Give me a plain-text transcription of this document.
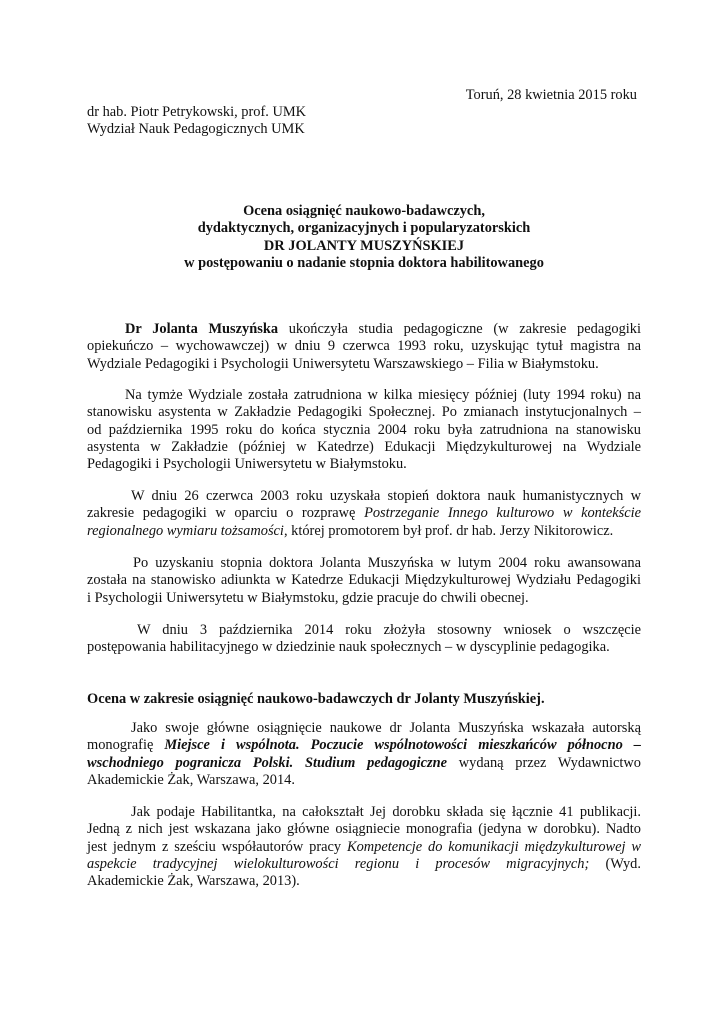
Toruń, 28 kwietnia 2015 roku
dr hab. Piotr Petrykowski, prof. UMK
Wydział Nauk Pedagogicznych UMK
Ocena osiągnięć naukowo-badawczych,
dydaktycznych, organizacyjnych i popularyzatorskich
DR JOLANTY MUSZYŃSKIEJ
w postępowaniu o nadanie stopnia doktora habilitowanego
Dr Jolanta Muszyńska ukończyła studia pedagogiczne (w zakresie pedagogiki
opiekuńczo – wychowawczej) w dniu 9 czerwca 1993 roku, uzyskując tytuł magistra na
Wydziale Pedagogiki i Psychologii Uniwersytetu Warszawskiego – Filia w Białymstoku.
Na tymże Wydziale została zatrudniona w kilka miesięcy później (luty 1994 roku) na
stanowisku asystenta w Zakładzie Pedagogiki Społecznej. Po zmianach instytucjonalnych –
od października 1995 roku do końca stycznia 2004 roku była zatrudniona na stanowisku
asystenta w Zakładzie (później w Katedrze) Edukacji Międzykulturowej na Wydziale
Pedagogiki i Psychologii Uniwersytetu w Białymstoku.
W dniu 26 czerwca 2003 roku uzyskała stopień doktora nauk humanistycznych w
zakresie pedagogiki w oparciu o rozprawę Postrzeganie Innego kulturowo w kontekście
regionalnego wymiaru tożsamości, której promotorem był prof. dr hab. Jerzy Nikitorowicz.
Po uzyskaniu stopnia doktora Jolanta Muszyńska w lutym 2004 roku awansowana
została na stanowisko adiunkta w Katedrze Edukacji Międzykulturowej Wydziału Pedagogiki
i Psychologii Uniwersytetu w Białymstoku, gdzie pracuje do chwili obecnej.
W dniu 3 października 2014 roku złożyła stosowny wniosek o wszczęcie
postępowania habilitacyjnego w dziedzinie nauk społecznych – w dyscyplinie pedagogika.
Ocena w zakresie osiągnięć naukowo-badawczych dr Jolanty Muszyńskiej.
Jako swoje główne osiągnięcie naukowe dr Jolanta Muszyńska wskazała autorską
monografię Miejsce i wspólnota. Poczucie wspólnotowości mieszkańców północno –
wschodniego pogranicza Polski. Studium pedagogiczne wydaną przez Wydawnictwo
Akademickie Żak, Warszawa, 2014.
Jak podaje Habilitantka, na całokształt Jej dorobku składa się łącznie 41 publikacji.
Jedną z nich jest wskazana jako główne osiągniecie monografia (jedyna w dorobku). Nadto
jest jednym z sześciu współautorów pracy Kompetencje do komunikacji międzykulturowej w
aspekcie tradycyjnej wielokulturowości regionu i procesów migracyjnych; (Wyd.
Akademickie Żak, Warszawa, 2013).
